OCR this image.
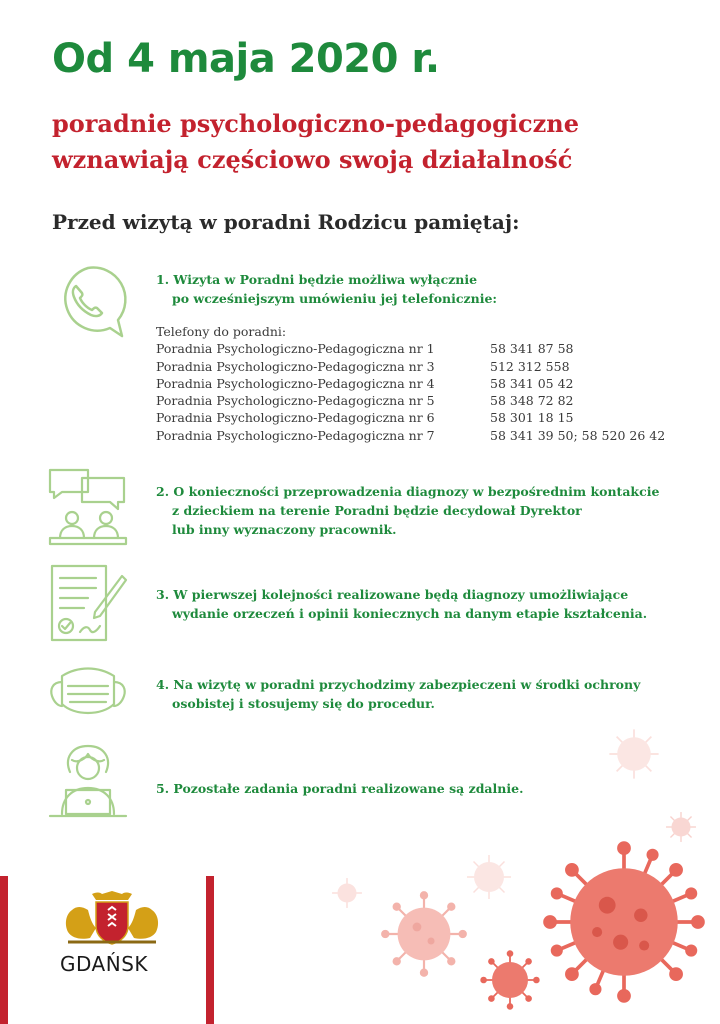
Od 4 maja 2020 r.
poradnie psychologiczno-pedagogiczne
wznawiają częściowo swoją działalność
Przed wizytą w poradni Rodzicu pamiętaj:

1. Wizyta w Poradni będzie możliwa wyłącznie
po wcześniejszym umówieniu jej telefonicznie:

Telefony do poradni:
Poradnia Psychologiczno-Pedagogiczna nr 1	58 341 87 58
Poradnia Psychologiczno-Pedagogiczna nr 3	512 312 558
Poradnia Psychologiczno-Pedagogiczna nr 4	58 341 05 42
Poradnia Psychologiczno-Pedagogiczna nr 5	58 348 72 82
Poradnia Psychologiczno-Pedagogiczna nr 6	58 301 18 15
Poradnia Psychologiczno-Pedagogiczna nr 7	58 341 39 50; 58 520 26 42

2. O konieczności przeprowadzenia diagnozy w bezpośrednim kontakcie
z dzieckiem na terenie Poradni będzie decydował Dyrektor
lub inny wyznaczony pracownik.

3. W pierwszej kolejności realizowane będą diagnozy umożliwiające
wydanie orzeczeń i opinii koniecznych na danym etapie kształcenia.

4. Na wizytę w poradni przychodzimy zabezpieczeni w środki ochrony
osobistej i stosujemy się do procedur.

5. Pozostałe zadania poradni realizowane są zdalnie.

GDAŃSK
